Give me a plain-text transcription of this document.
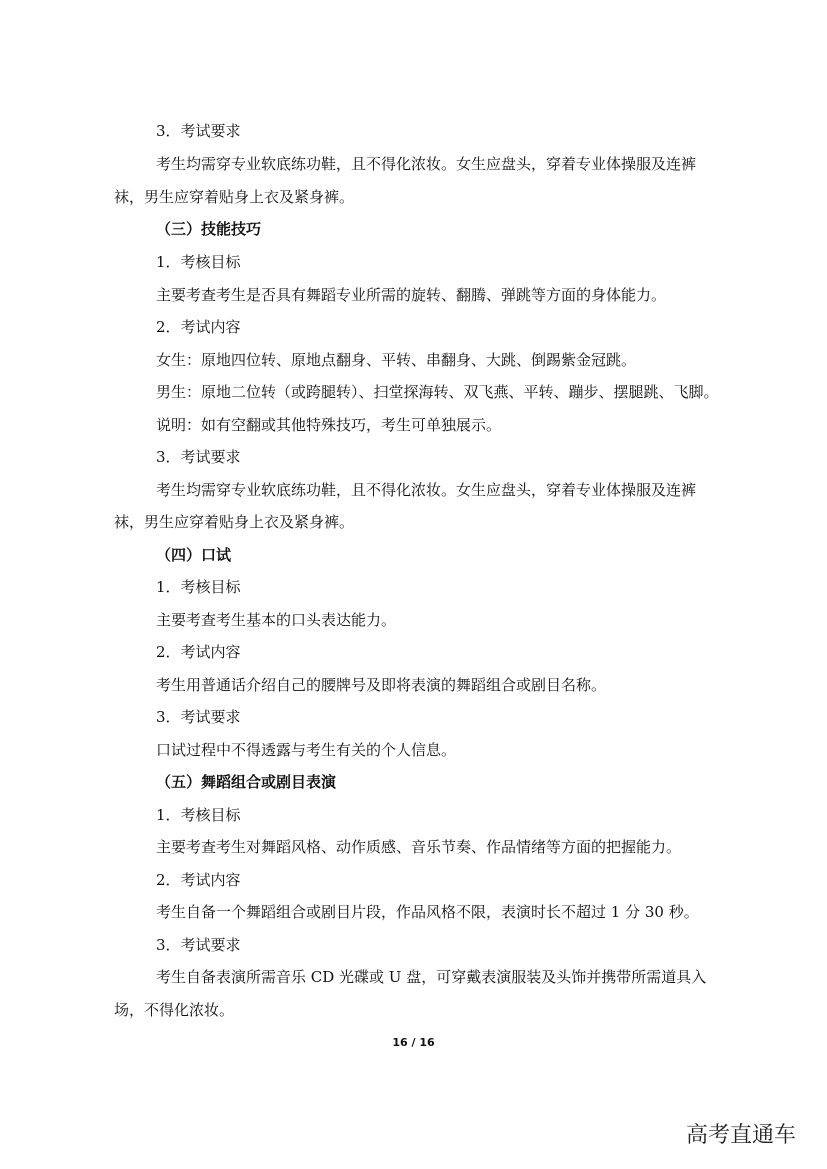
3．考试要求
考生均需穿专业软底练功鞋，且不得化浓妆。女生应盘头，穿着专业体操服及连裤
袜，男生应穿着贴身上衣及紧身裤。
（三）技能技巧
1．考核目标
主要考查考生是否具有舞蹈专业所需的旋转、翻腾、弹跳等方面的身体能力。
2．考试内容
女生：原地四位转、原地点翻身、平转、串翻身、大跳、倒踢紫金冠跳。
男生：原地二位转（或跨腿转）、扫堂探海转、双飞燕、平转、蹦步、摆腿跳、飞脚。
说明：如有空翻或其他特殊技巧，考生可单独展示。
3．考试要求
考生均需穿专业软底练功鞋，且不得化浓妆。女生应盘头，穿着专业体操服及连裤
袜，男生应穿着贴身上衣及紧身裤。
（四）口试
1．考核目标
主要考查考生基本的口头表达能力。
2．考试内容
考生用普通话介绍自己的腰牌号及即将表演的舞蹈组合或剧目名称。
3．考试要求
口试过程中不得透露与考生有关的个人信息。
（五）舞蹈组合或剧目表演
1．考核目标
主要考查考生对舞蹈风格、动作质感、音乐节奏、作品情绪等方面的把握能力。
2．考试内容
考生自备一个舞蹈组合或剧目片段，作品风格不限，表演时长不超过 1 分 30 秒。
3．考试要求
考生自备表演所需音乐 CD 光碟或 U 盘，可穿戴表演服装及头饰并携带所需道具入
场，不得化浓妆。
16 / 16
高考直通车
